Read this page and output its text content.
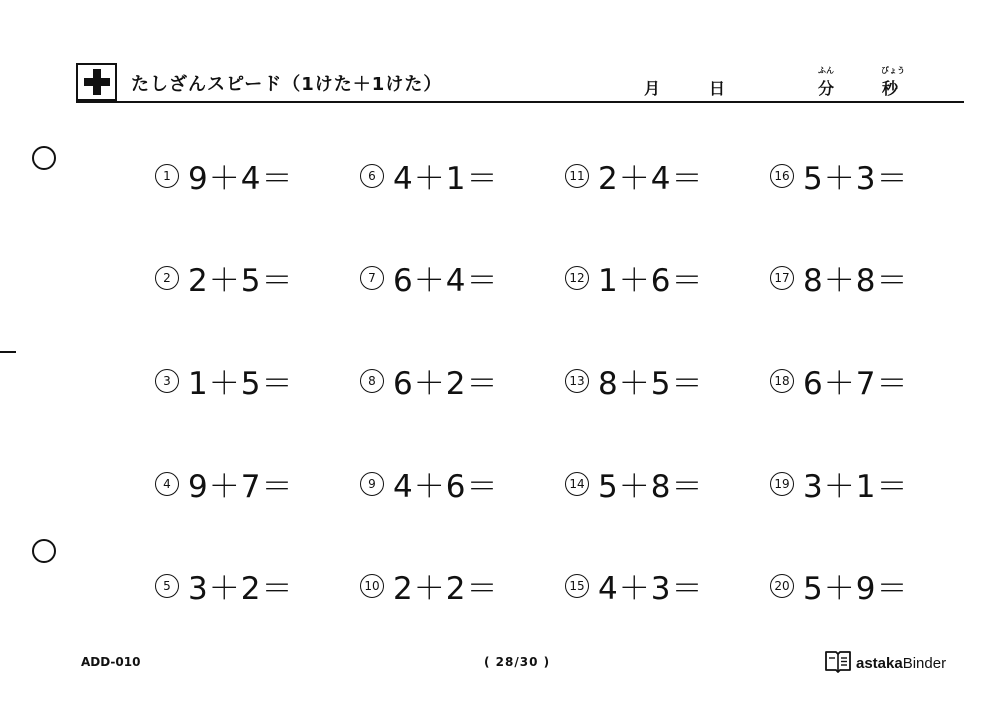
たしざんスピード（1けた＋1けた）	月	日
ふん
分
びょう
秒
1 9＋4＝
2 2＋5＝
3 1＋5＝
4 9＋7＝
5 3＋2＝
6 4＋1＝
7 6＋4＝
8 6＋2＝
9 4＋6＝
10 2＋2＝
11 2＋4＝
12 1＋6＝
13 8＋5＝
14 5＋8＝
15 4＋3＝
16 5＋3＝
17 8＋8＝
18 6＋7＝
19 3＋1＝
20 5＋9＝
ADD-010	( 28/30 )	astakaBinder
